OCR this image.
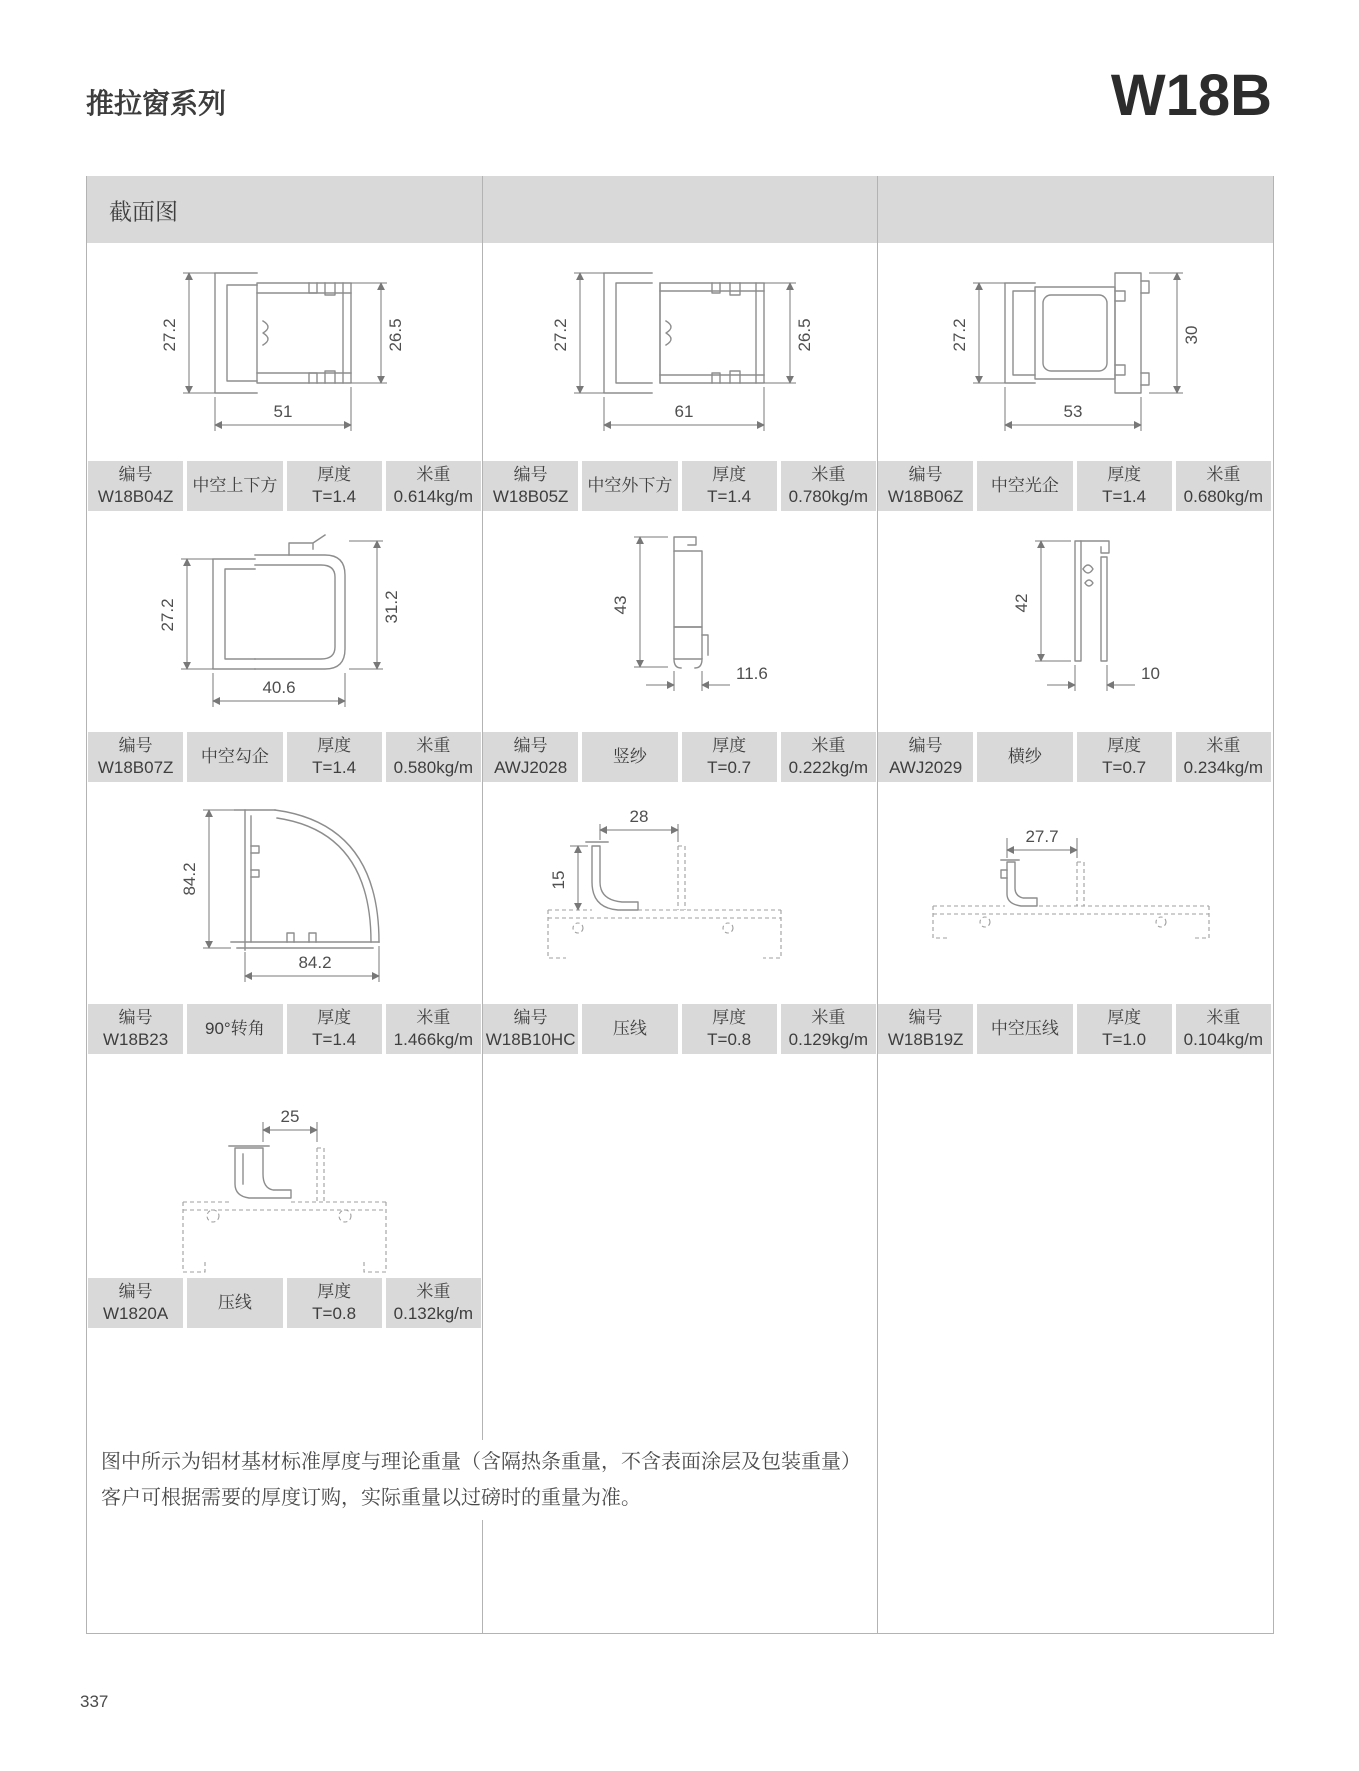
推拉窗系列	W18B
截面图
27.2	26.5
51
27.2	26.5
61
27.2	30
53
编号
W18B04Z
中空上下方
厚度
T=1.4
米重
0.614kg/m
编号
W18B05Z
中空外下方
厚度
T=1.4
米重
0.780kg/m
编号
W18B06Z
中空光企
厚度
T=1.4
米重
0.680kg/m
27.2	31.2
40.6
43
11.6
42
10
编号
W18B07Z
中空勾企
厚度
T=1.4
米重
0.580kg/m
编号
AWJ2028
竖纱
厚度
T=0.7
米重
0.222kg/m
编号
AWJ2029
横纱
厚度
T=0.7
米重
0.234kg/m
84.2
84.2
28
15
27.7
编号
W18B23
90°转角
厚度
T=1.4
米重
1.466kg/m
编号
W18B10HC
压线
厚度
T=0.8
米重
0.129kg/m
编号
W18B19Z
中空压线
厚度
T=1.0
米重
0.104kg/m
25
编号
W1820A
压线
厚度
T=0.8
米重
0.132kg/m
图中所示为铝材基材标准厚度与理论重量（含隔热条重量，不含表面涂层及包装重量）
客户可根据需要的厚度订购，实际重量以过磅时的重量为准。
337
